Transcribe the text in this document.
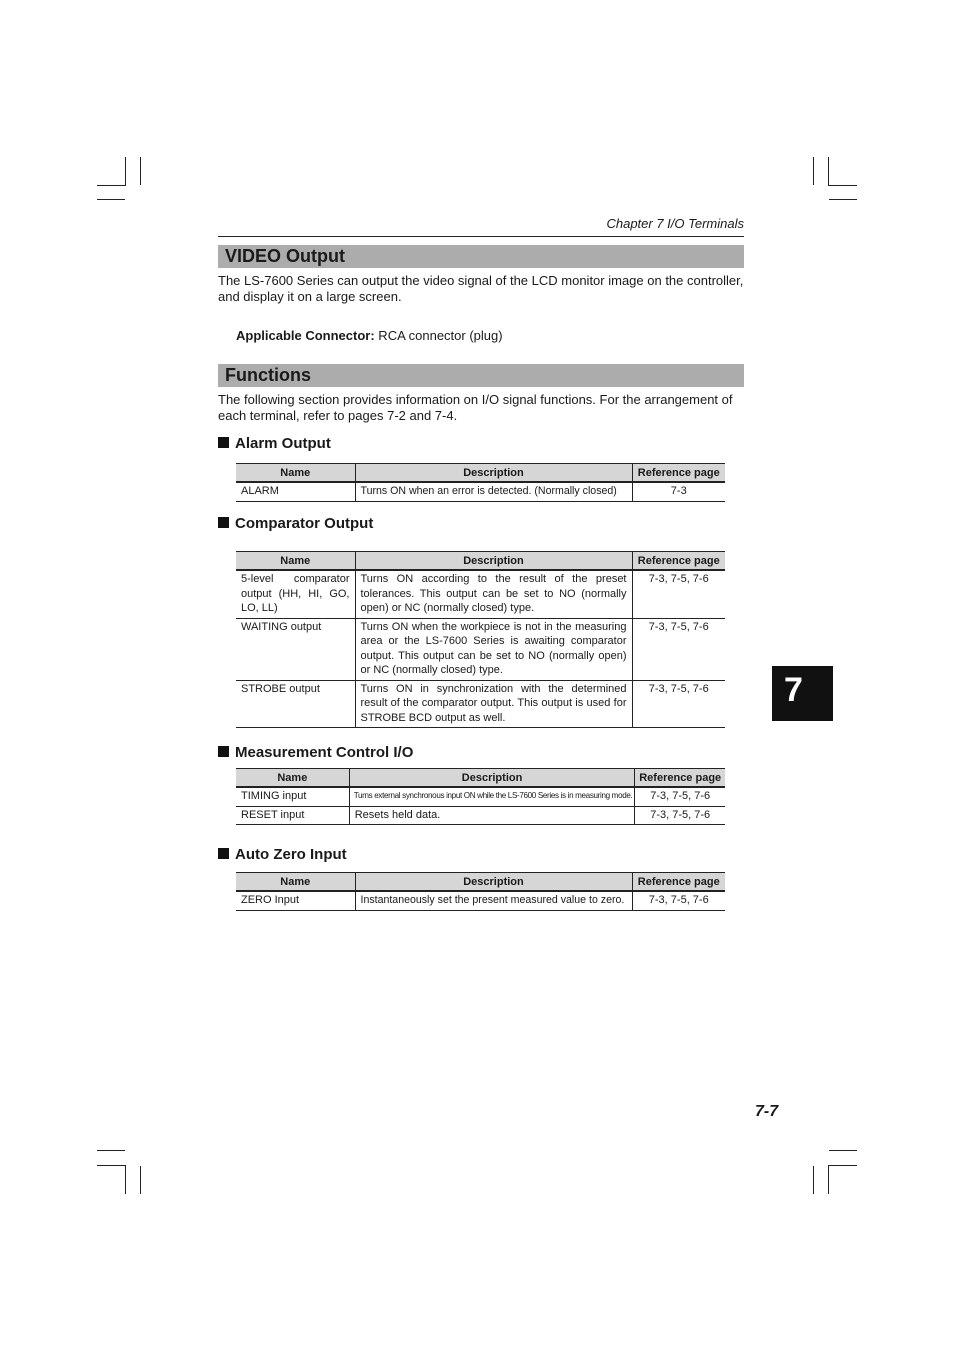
Chapter 7 I/O Terminals
VIDEO Output
The LS-7600 Series can output the video signal of the LCD monitor image on the controller, and display it on a large screen.
Applicable Connector: RCA connector (plug)
Functions
The following section provides information on I/O signal functions. For the arrangement of each terminal, refer to pages 7-2 and 7-4.
Alarm Output
Name	Description	Reference page
ALARM	Turns ON when an error is detected. (Normally closed)	7-3
Comparator Output
Name	Description	Reference page
5-level comparator output (HH, HI, GO, LO, LL)	Turns ON according to the result of the preset tolerances. This output can be set to NO (normally open) or NC (normally closed) type.	7-3, 7-5, 7-6
WAITING output	Turns ON when the workpiece is not in the measuring area or the LS-7600 Series is awaiting comparator output. This output can be set to NO (normally open) or NC (normally closed) type.	7-3, 7-5, 7-6
STROBE output	Turns ON in synchronization with the determined result of the comparator output. This output is used for STROBE BCD output as well.	7-3, 7-5, 7-6
Measurement Control I/O
Name	Description	Reference page
TIMING input	Turns external synchronous input ON while the LS-7600 Series is in measuring mode.	7-3, 7-5, 7-6
RESET input	Resets held data.	7-3, 7-5, 7-6
Auto Zero Input
Name	Description	Reference page
ZERO Input	Instantaneously set the present measured value to zero.	7-3, 7-5, 7-6
7
7-7
